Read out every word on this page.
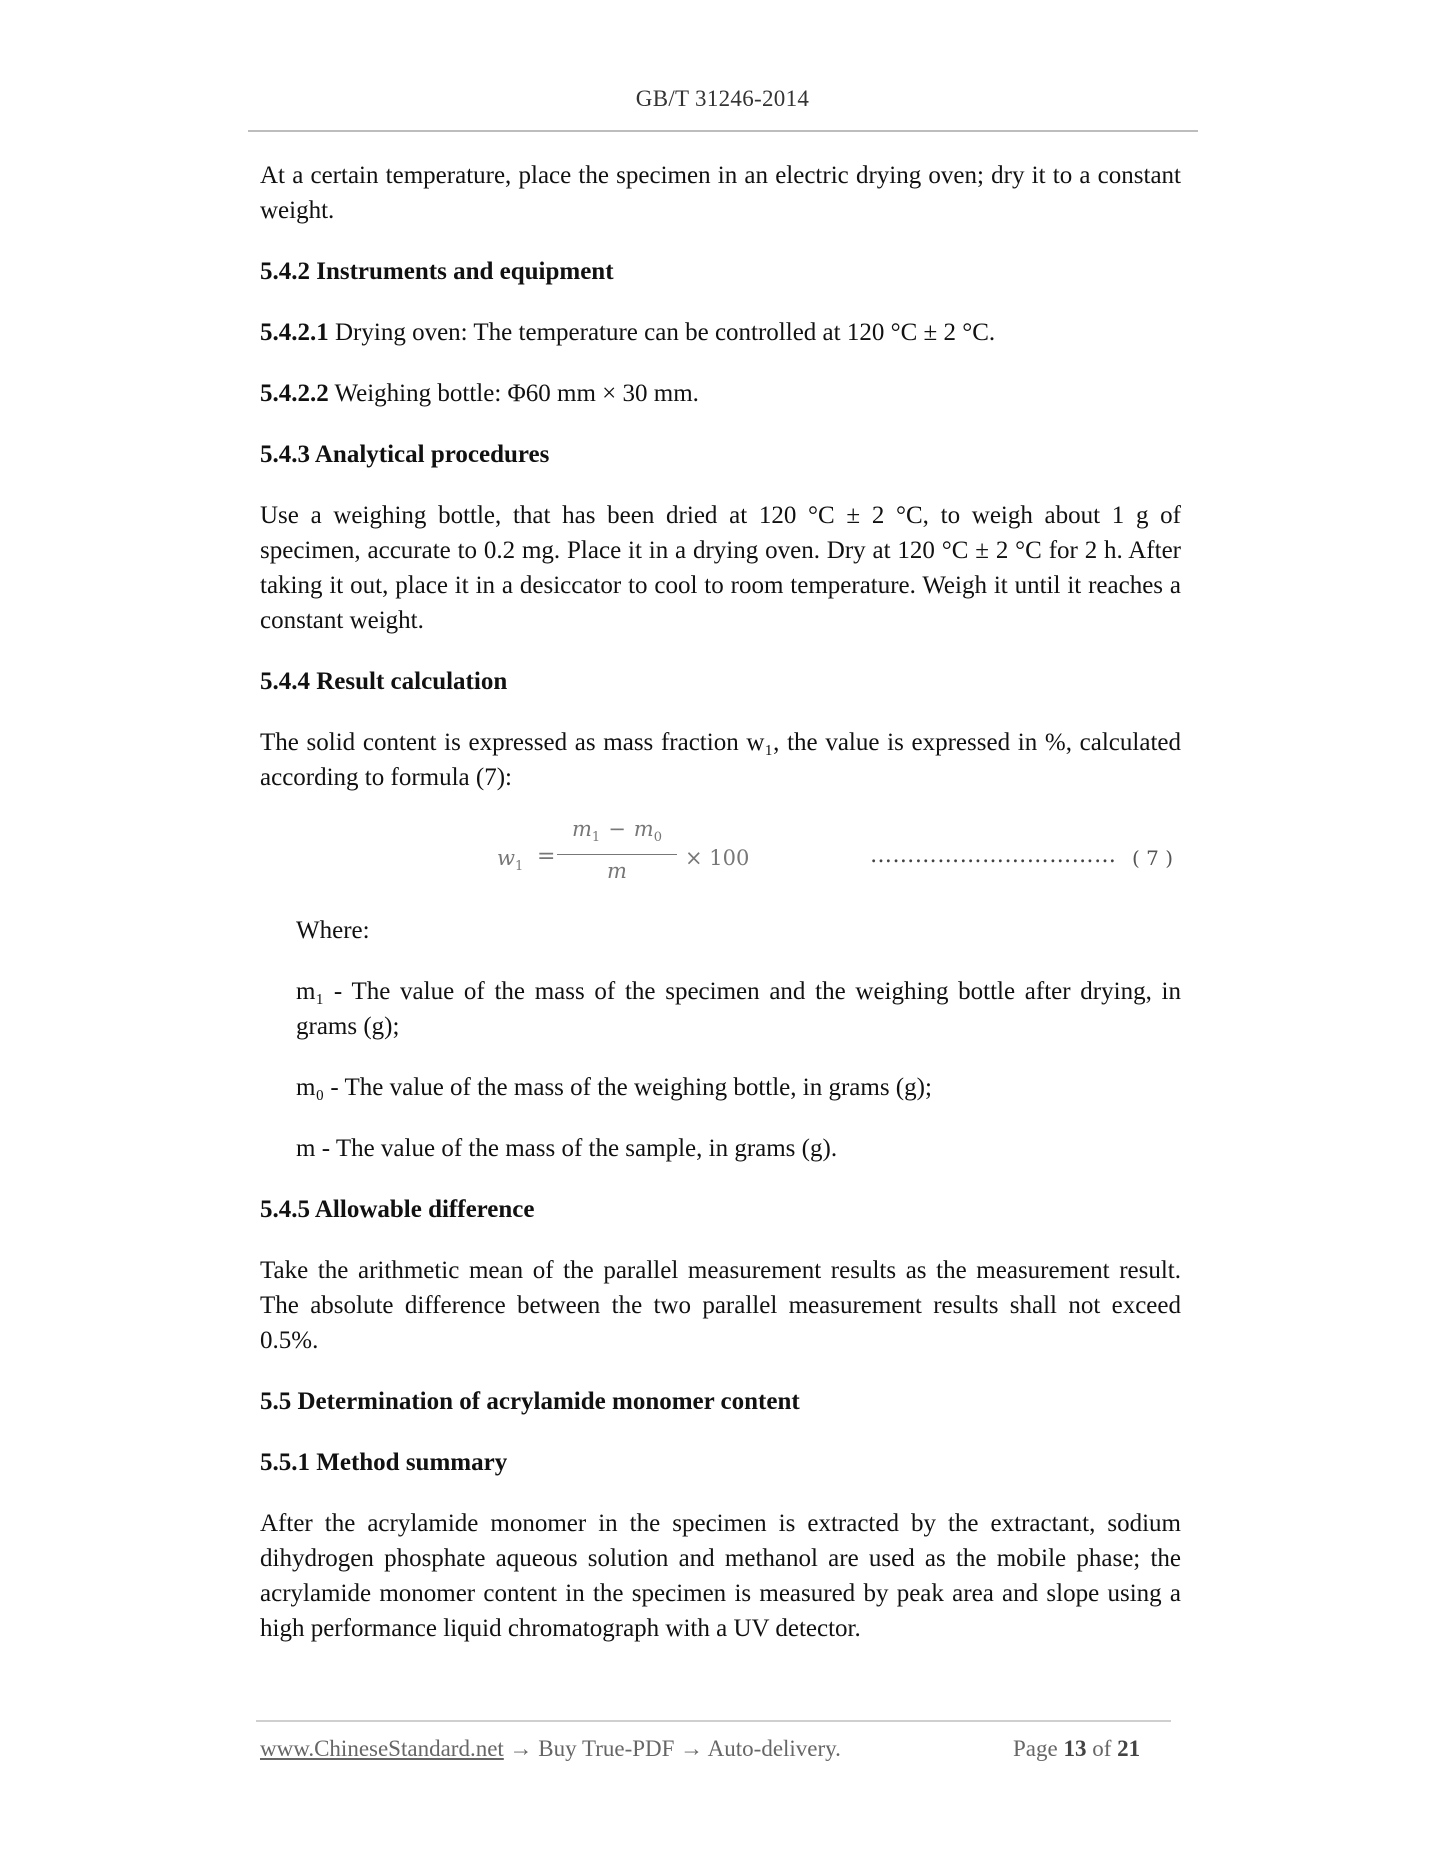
GB/T 31246-2014

At a certain temperature, place the specimen in an electric drying oven; dry it to a constant weight.

5.4.2 Instruments and equipment

5.4.2.1 Drying oven: The temperature can be controlled at 120 °C ± 2 °C.

5.4.2.2 Weighing bottle: Φ60 mm × 30 mm.

5.4.3 Analytical procedures

Use a weighing bottle, that has been dried at 120 °C ± 2 °C, to weigh about 1 g of specimen, accurate to 0.2 mg. Place it in a drying oven. Dry at 120 °C ± 2 °C for 2 h. After taking it out, place it in a desiccator to cool to room temperature. Weigh it until it reaches a constant weight.

5.4.4 Result calculation

The solid content is expressed as mass fraction w₁, the value is expressed in %, calculated according to formula (7):

$w_1 = \frac{m_1 - m_0}{m} \times 100$	…………………………… ( 7 )

Where:

m₁ - The value of the mass of the specimen and the weighing bottle after drying, in grams (g);

m₀ - The value of the mass of the weighing bottle, in grams (g);

m - The value of the mass of the sample, in grams (g).

5.4.5 Allowable difference

Take the arithmetic mean of the parallel measurement results as the measurement result. The absolute difference between the two parallel measurement results shall not exceed 0.5%.

5.5 Determination of acrylamide monomer content

5.5.1 Method summary

After the acrylamide monomer in the specimen is extracted by the extractant, sodium dihydrogen phosphate aqueous solution and methanol are used as the mobile phase; the acrylamide monomer content in the specimen is measured by peak area and slope using a high performance liquid chromatograph with a UV detector.

www.ChineseStandard.net → Buy True-PDF → Auto-delivery.	Page 13 of 21
